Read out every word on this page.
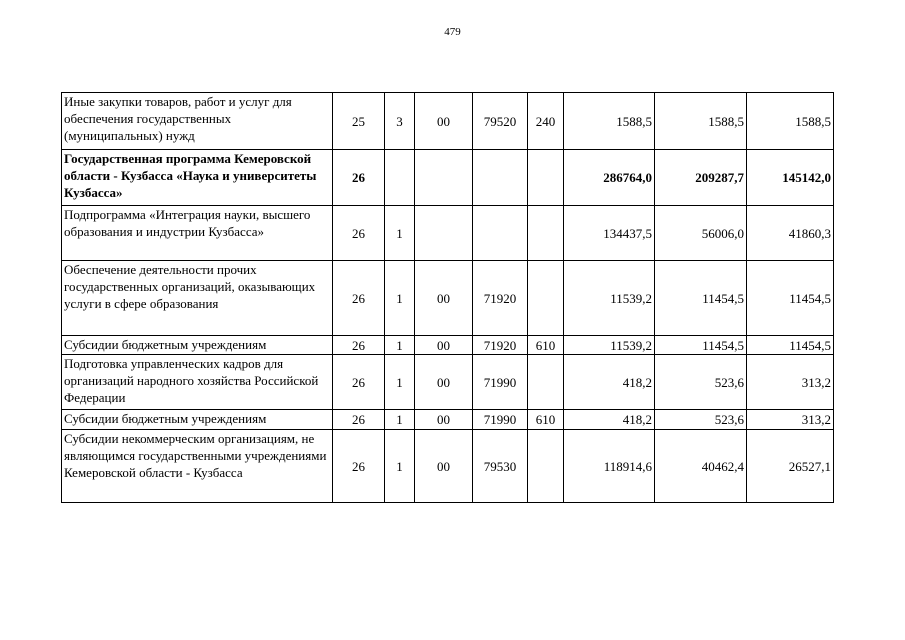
479
Иные закупки товаров, работ и услуг для обеспечения государственных (муниципальных) нужд	25	3	00	79520	240	1588,5	1588,5	1588,5
Государственная программа Кемеровской области - Кузбасса «Наука и университеты Кузбасса»	26					286764,0	209287,7	145142,0
Подпрограмма «Интеграция науки, высшего образования и индустрии Кузбасса»	26	1				134437,5	56006,0	41860,3
Обеспечение деятельности прочих государственных организаций, оказывающих услуги в сфере образования	26	1	00	71920		11539,2	11454,5	11454,5
Субсидии бюджетным учреждениям	26	1	00	71920	610	11539,2	11454,5	11454,5
Подготовка управленческих кадров для организаций народного хозяйства Российской Федерации	26	1	00	71990		418,2	523,6	313,2
Субсидии бюджетным учреждениям	26	1	00	71990	610	418,2	523,6	313,2
Субсидии некоммерческим организациям, не являющимся государственными учреждениями Кемеровской области - Кузбасса	26	1	00	79530		118914,6	40462,4	26527,1
